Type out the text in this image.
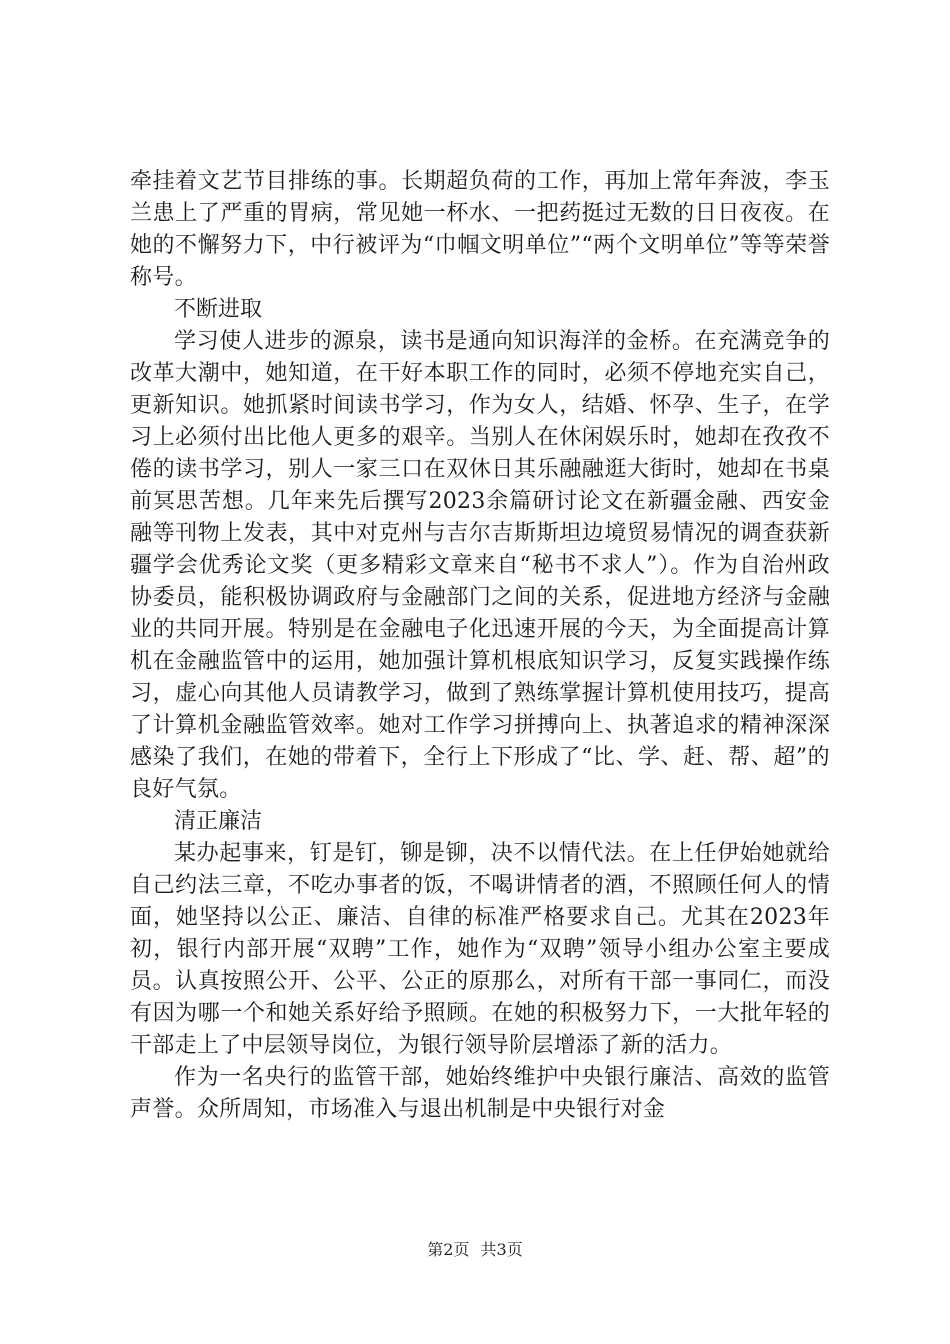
牵挂着文艺节目排练的事。长期超负荷的工作，再加上常年奔波，李玉兰患上了严重的胃病，常见她一杯水、一把药挺过无数的日日夜夜。在她的不懈努力下，中行被评为“巾帼文明单位”“两个文明单位”等等荣誉称号。

不断进取

学习使人进步的源泉，读书是通向知识海洋的金桥。在充满竞争的改革大潮中，她知道，在干好本职工作的同时，必须不停地充实自己，更新知识。她抓紧时间读书学习，作为女人，结婚、怀孕、生子，在学习上必须付出比他人更多的艰辛。当别人在休闲娱乐时，她却在孜孜不倦的读书学习，别人一家三口在双休日其乐融融逛大街时，她却在书桌前冥思苦想。几年来先后撰写2023余篇研讨论文在新疆金融、西安金融等刊物上发表，其中对克州与吉尔吉斯斯坦边境贸易情况的调查获新疆学会优秀论文奖（更多精彩文章来自“秘书不求人”）。作为自治州政协委员，能积极协调政府与金融部门之间的关系，促进地方经济与金融业的共同开展。特别是在金融电子化迅速开展的今天，为全面提高计算机在金融监管中的运用，她加强计算机根底知识学习，反复实践操作练习，虚心向其他人员请教学习，做到了熟练掌握计算机使用技巧，提高了计算机金融监管效率。她对工作学习拼搏向上、执著追求的精神深深感染了我们，在她的带着下，全行上下形成了“比、学、赶、帮、超”的良好气氛。

清正廉洁

某办起事来，钉是钉，铆是铆，决不以情代法。在上任伊始她就给自己约法三章，不吃办事者的饭，不喝讲情者的酒，不照顾任何人的情面，她坚持以公正、廉洁、自律的标准严格要求自己。尤其在2023年初，银行内部开展“双聘”工作，她作为“双聘”领导小组办公室主要成员。认真按照公开、公平、公正的原那么，对所有干部一事同仁，而没有因为哪一个和她关系好给予照顾。在她的积极努力下，一大批年轻的干部走上了中层领导岗位，为银行领导阶层增添了新的活力。

作为一名央行的监管干部，她始终维护中央银行廉洁、高效的监管声誉。众所周知，市场准入与退出机制是中央银行对金

第2页 共3页
